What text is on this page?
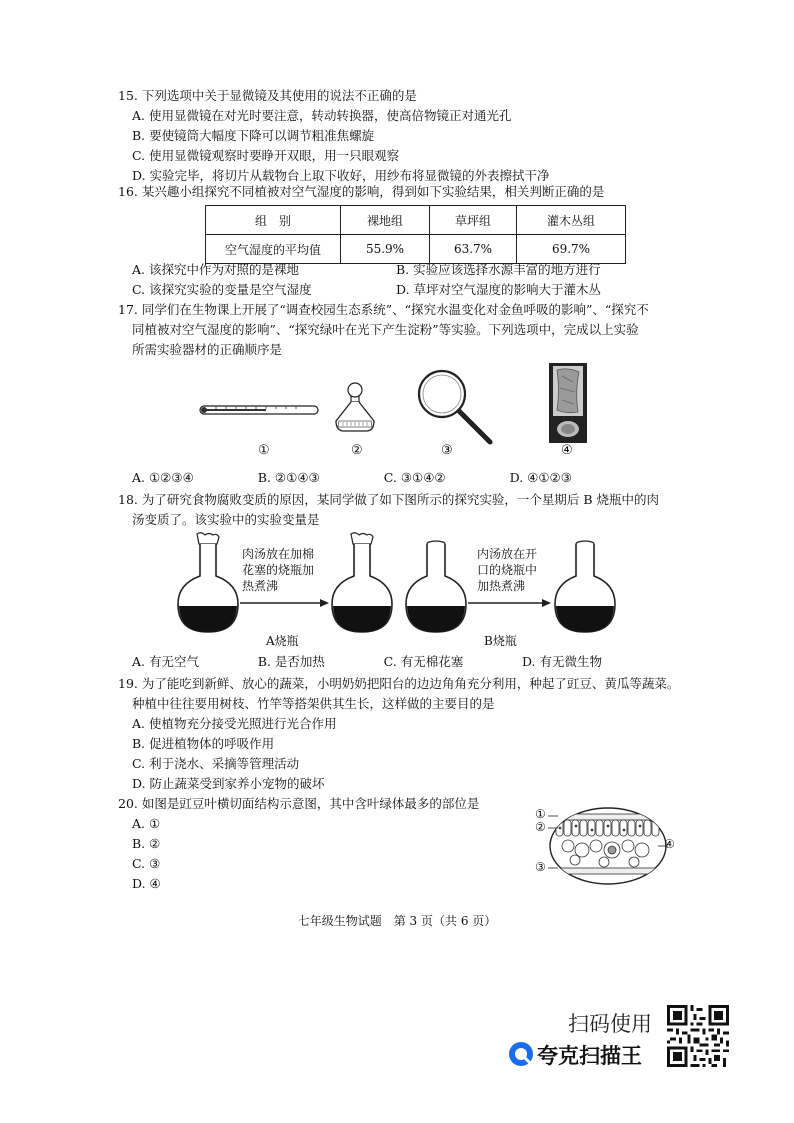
15. 下列选项中关于显微镜及其使用的说法不正确的是
A. 使用显微镜在对光时要注意，转动转换器，使高倍物镜正对通光孔
B. 要使镜筒大幅度下降可以调节粗准焦螺旋
C. 使用显微镜观察时要睁开双眼，用一只眼观察
D. 实验完毕，将切片从载物台上取下收好，用纱布将显微镜的外表擦拭干净
16. 某兴趣小组探究不同植被对空气湿度的影响，得到如下实验结果，相关判断正确的是
组　别	裸地组	草坪组	灌木丛组
空气湿度的平均值	55.9%	63.7%	69.7%
A. 该探究中作为对照的是裸地	B. 实验应该选择水源丰富的地方进行
C. 该探究实验的变量是空气湿度	D. 草坪对空气湿度的影响大于灌木丛
17. 同学们在生物课上开展了“调查校园生态系统”、“探究水温变化对金鱼呼吸的影响”、“探究不
同植被对空气湿度的影响”、“探究绿叶在光下产生淀粉”等实验。下列选项中，完成以上实验
所需实验器材的正确顺序是
①	②	③	④
A. ①②③④	B. ②①④③	C. ③①④②	D. ④①②③
18. 为了研究食物腐败变质的原因，某同学做了如下图所示的探究实验，一个星期后 B 烧瓶中的肉
汤变质了。该实验中的实验变量是
肉汤放在加棉
花塞的烧瓶加
热煮沸
内汤放在开
口的烧瓶中
加热煮沸
A烧瓶	B烧瓶
A. 有无空气	B. 是否加热	C. 有无棉花塞	D. 有无微生物
19. 为了能吃到新鲜、放心的蔬菜，小明奶奶把阳台的边边角角充分利用，种起了豇豆、黄瓜等蔬菜。
种植中往往要用树枝、竹竿等搭架供其生长，这样做的主要目的是
A. 使植物充分接受光照进行光合作用
B. 促进植物体的呼吸作用
C. 利于浇水、采摘等管理活动
D. 防止蔬菜受到家养小宠物的破坏
20. 如图是豇豆叶横切面结构示意图，其中含叶绿体最多的部位是
A. ①
B. ②
C. ③
D. ④
①
②
③
④
七年级生物试题　第 3 页（共 6 页）
扫码使用
夸克扫描王
